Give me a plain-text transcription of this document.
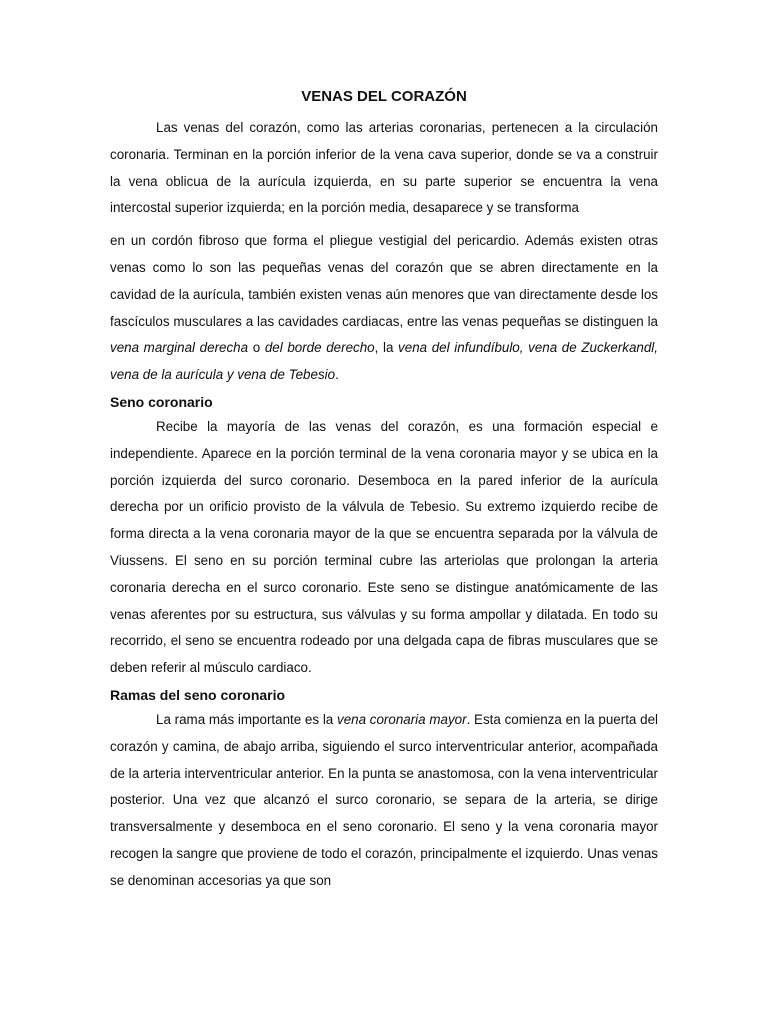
VENAS DEL CORAZÓN

Las venas del corazón, como las arterias coronarias, pertenecen a la circulación coronaria. Terminan en la porción inferior de la vena cava superior, donde se va a construir la vena oblicua de la aurícula izquierda, en su parte superior se encuentra la vena intercostal superior izquierda; en la porción media, desaparece y se transforma

en un cordón fibroso que forma el pliegue vestigial del pericardio. Además existen otras venas como lo son las pequeñas venas del corazón que se abren directamente en la cavidad de la aurícula, también existen venas aún menores que van directamente desde los fascículos musculares a las cavidades cardiacas, entre las venas pequeñas se distinguen la vena marginal derecha o del borde derecho, la vena del infundíbulo, vena de Zuckerkandl, vena de la aurícula y vena de Tebesio.

Seno coronario

Recibe la mayoría de las venas del corazón, es una formación especial e independiente. Aparece en la porción terminal de la vena coronaria mayor y se ubica en la porción izquierda del surco coronario. Desemboca en la pared inferior de la aurícula derecha por un orificio provisto de la válvula de Tebesio. Su extremo izquierdo recibe de forma directa a la vena coronaria mayor de la que se encuentra separada por la válvula de Viussens. El seno en su porción terminal cubre las arteriolas que prolongan la arteria coronaria derecha en el surco coronario. Este seno se distingue anatómicamente de las venas aferentes por su estructura, sus válvulas y su forma ampollar y dilatada. En todo su recorrido, el seno se encuentra rodeado por una delgada capa de fibras musculares que se deben referir al músculo cardiaco.

Ramas del seno coronario

La rama más importante es la vena coronaria mayor. Esta comienza en la puerta del corazón y camina, de abajo arriba, siguiendo el surco interventricular anterior, acompañada de la arteria interventricular anterior. En la punta se anastomosa, con la vena interventricular posterior. Una vez que alcanzó el surco coronario, se separa de la arteria, se dirige transversalmente y desemboca en el seno coronario. El seno y la vena coronaria mayor recogen la sangre que proviene de todo el corazón, principalmente el izquierdo. Unas venas se denominan accesorias ya que son
